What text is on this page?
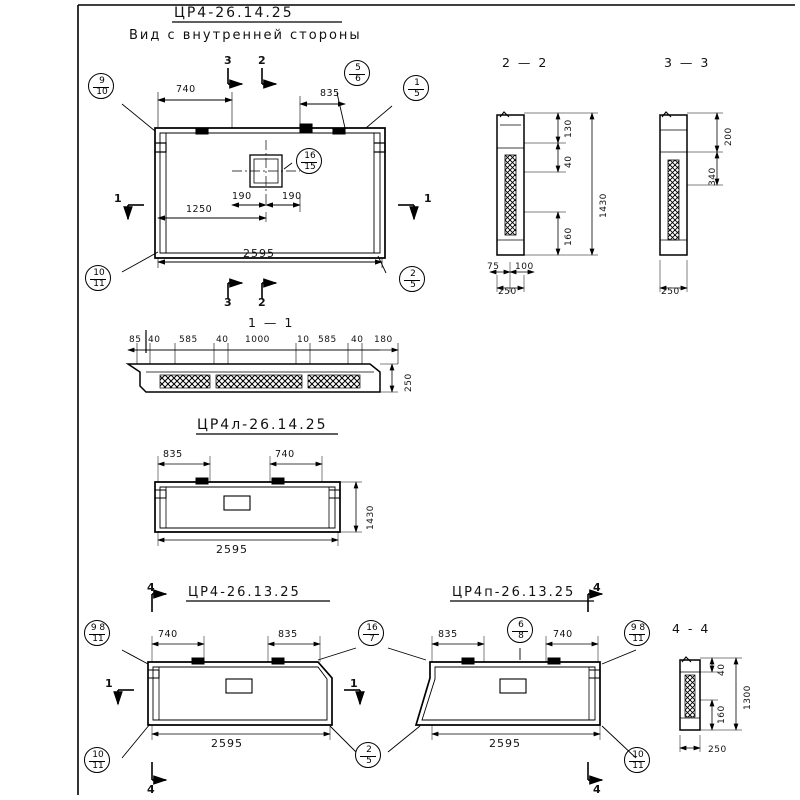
ЦР4-26.14.25
Вид с внутренней стороны
ЦР4л-26.14.25
ЦР4-26.13.25	ЦР4п-26.13.25
2 — 2	3 — 3
1 — 1
4 - 4
3 2
3 2
1	1
4
4
4
4
1	1
740	835
190	190
1250
2595
130
40
160
1430
75 100
250
200
340
250
85 40 585 40 1000	10 585 40 180
250
835	740
1430
2595
740	835
2595
835	740
2595
40
160
1300
250
9
10
1
5
5
6
16
15
10
11
2
5
9 8
11
16
7
6
8
9 8
11
10
11
2
5
10
11
